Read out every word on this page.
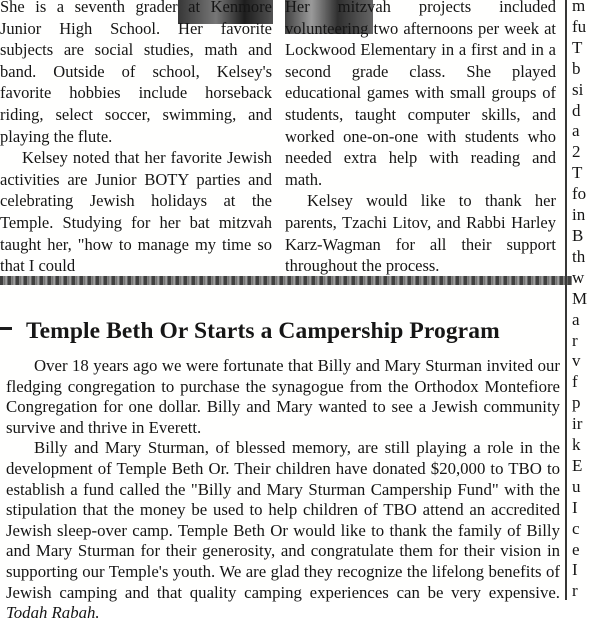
She is a seventh grader at Kenmore Junior High School. Her favorite subjects are social studies, math and band. Outside of school, Kelsey's favorite hobbies include horseback riding, select soccer, swimming, and playing the flute.

Kelsey noted that her favorite Jewish activities are Junior BOTY parties and celebrating Jewish holidays at the Temple. Studying for her bat mitzvah taught her, "how to manage my time so that I could

Her mitzvah projects included volunteering two afternoons per week at Lockwood Elementary in a first and in a second grade class. She played educational games with small groups of students, taught computer skills, and worked one-on-one with students who needed extra help with reading and math.

Kelsey would like to thank her parents, Tzachi Litov, and Rabbi Harley Karz-Wagman for all their support throughout the process.

m
fu
T
b
si
d
a
2
T
fo
in
B
th
w
M
a
r
v
f
p
ir
k
E
u
I
c
e
I
r
Temple Beth Or Starts a Campership Program

Over 18 years ago we were fortunate that Billy and Mary Sturman invited our fledging congregation to purchase the synagogue from the Orthodox Montefiore Congregation for one dollar. Billy and Mary wanted to see a Jewish community survive and thrive in Everett.

Billy and Mary Sturman, of blessed memory, are still playing a role in the development of Temple Beth Or. Their children have donated $20,000 to TBO to establish a fund called the "Billy and Mary Sturman Campership Fund" with the stipulation that the money be used to help children of TBO attend an accredited Jewish sleep-over camp. Temple Beth Or would like to thank the family of Billy and Mary Sturman for their generosity, and congratulate them for their vision in supporting our Temple's youth. We are glad they recognize the lifelong benefits of Jewish camping and that quality camping experiences can be very expensive. Todah Rabah.
